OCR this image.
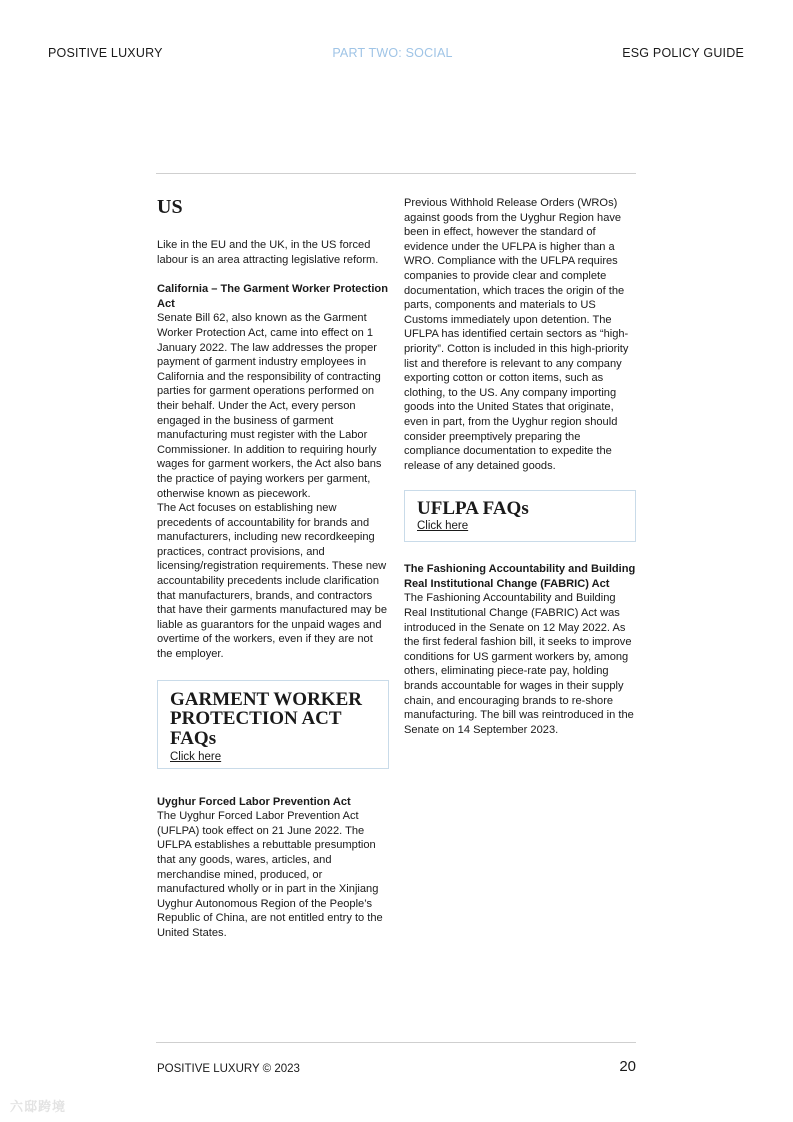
POSITIVE LUXURY	PART TWO: SOCIAL	ESG POLICY GUIDE
US

Like in the EU and the UK, in the US forced labour is an area attracting legislative reform.

California – The Garment Worker Protection Act

Senate Bill 62, also known as the Garment Worker Protection Act, came into effect on 1 January 2022. The law addresses the proper payment of garment industry employees in California and the responsibility of contracting parties for garment operations performed on their behalf. Under the Act, every person engaged in the business of garment manufacturing must register with the Labor Commissioner. In addition to requiring hourly wages for garment workers, the Act also bans the practice of paying workers per garment, otherwise known as piecework.

The Act focuses on establishing new precedents of accountability for brands and manufacturers, including new recordkeeping practices, contract provisions, and licensing/registration requirements. These new accountability precedents include clarification that manufacturers, brands, and contractors that have their garments manufactured may be liable as guarantors for the unpaid wages and overtime of the workers, even if they are not the employer.

GARMENT WORKER PROTECTION ACT FAQs

Click here

Uyghur Forced Labor Prevention Act

The Uyghur Forced Labor Prevention Act (UFLPA) took effect on 21 June 2022. The UFLPA establishes a rebuttable presumption that any goods, wares, articles, and merchandise mined, produced, or manufactured wholly or in part in the Xinjiang Uyghur Autonomous Region of the People’s Republic of China, are not entitled entry to the United States.

Previous Withhold Release Orders (WROs) against goods from the Uyghur Region have been in effect, however the standard of evidence under the UFLPA is higher than a WRO. Compliance with the UFLPA requires companies to provide clear and complete documentation, which traces the origin of the parts, components and materials to US Customs immediately upon detention. The UFLPA has identified certain sectors as “high-priority”. Cotton is included in this high-priority list and therefore is relevant to any company exporting cotton or cotton items, such as clothing, to the US. Any company importing goods into the United States that originate, even in part, from the Uyghur region should consider preemptively preparing the compliance documentation to expedite the release of any detained goods.

UFLPA FAQs

Click here

The Fashioning Accountability and Building Real Institutional Change (FABRIC) Act

The Fashioning Accountability and Building Real Institutional Change (FABRIC) Act was introduced in the Senate on 12 May 2022. As the first federal fashion bill, it seeks to improve conditions for US garment workers by, among others, eliminating piece-rate pay, holding brands accountable for wages in their supply chain, and encouraging brands to re-shore manufacturing. The bill was reintroduced in the Senate on 14 September 2023.

POSITIVE LUXURY © 2023	20
六邸跨境
